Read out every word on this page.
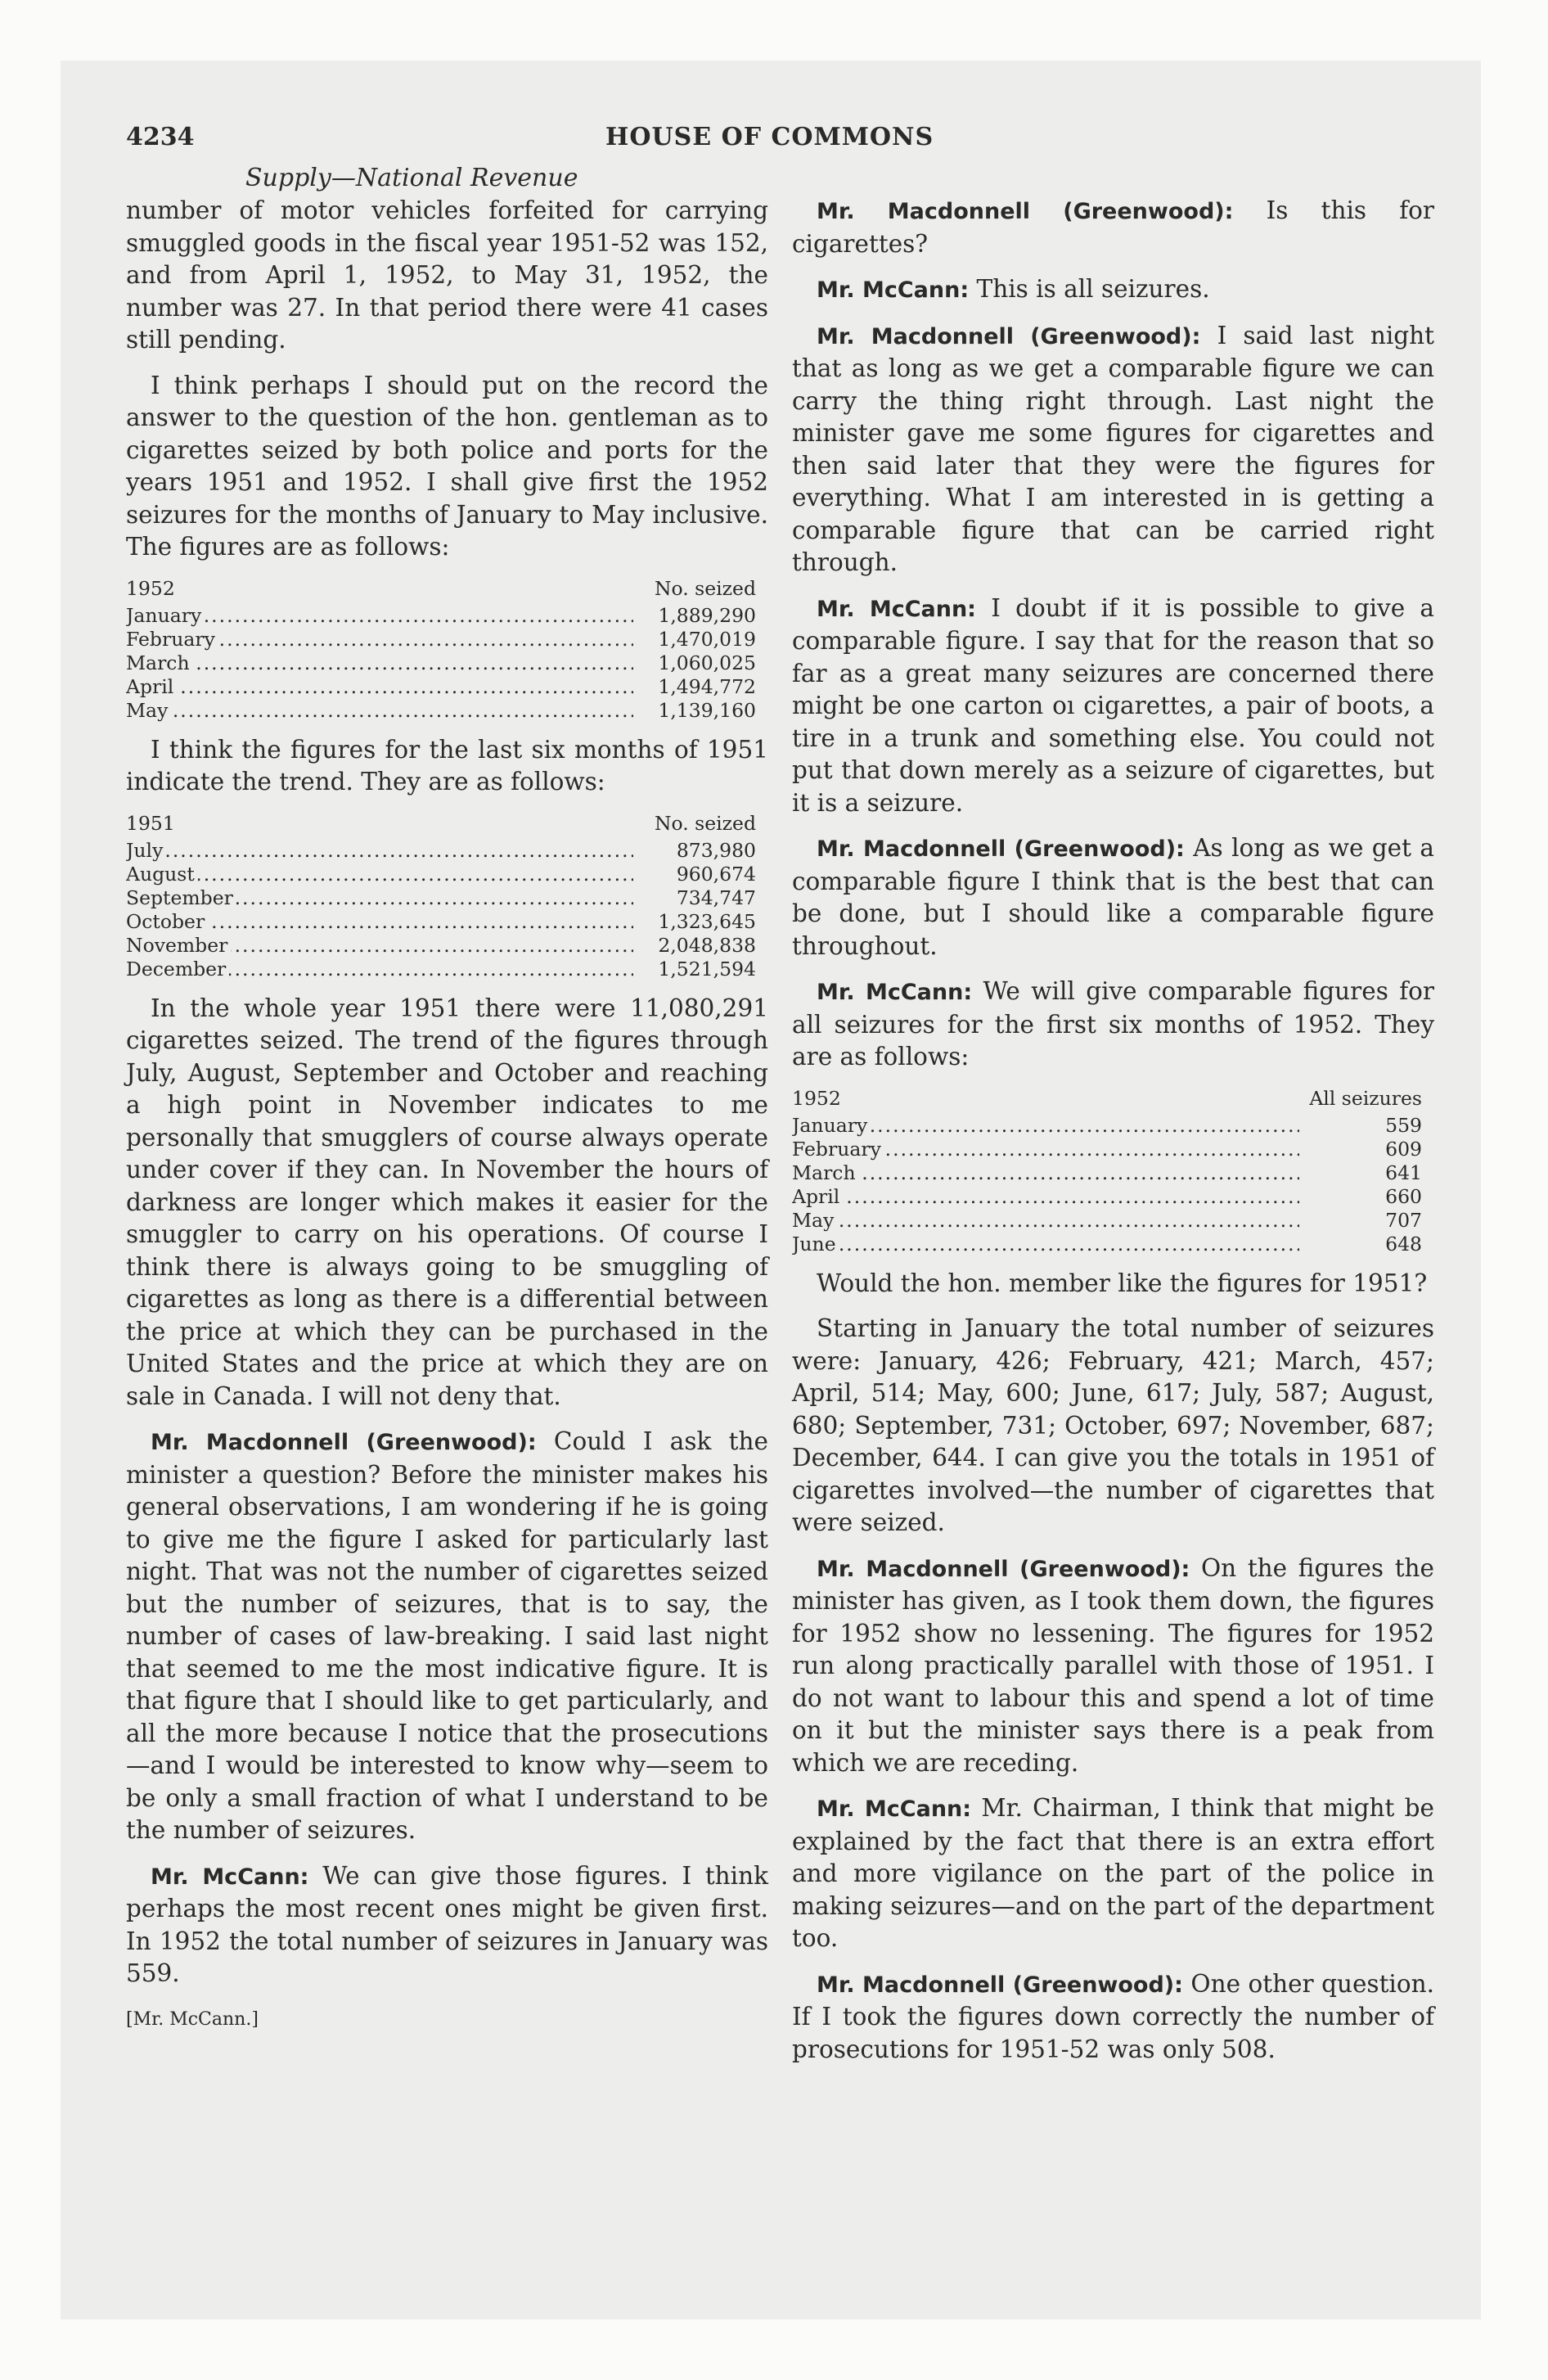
4234	HOUSE OF COMMONS
Supply—National Revenue

number of motor vehicles forfeited for carrying smuggled goods in the fiscal year 1951-52 was 152, and from April 1, 1952, to May 31, 1952, the number was 27. In that period there were 41 cases still pending.

I think perhaps I should put on the record the answer to the question of the hon. gentleman as to cigarettes seized by both police and ports for the years 1951 and 1952. I shall give first the 1952 seizures for the months of January to May inclusive. The figures are as follows:

1952	No. seized
January .....	1,889,290
February .....	1,470,019
March .....	1,060,025
April .....	1,494,772
May .....	1,139,160

I think the figures for the last six months of 1951 indicate the trend. They are as follows:

1951	No. seized
July .....	873,980
August .....	960,674
September .....	734,747
October .....	1,323,645
November .....	2,048,838
December .....	1,521,594

In the whole year 1951 there were 11,080,291 cigarettes seized. The trend of the figures through July, August, September and October and reaching a high point in November indicates to me personally that smugglers of course always operate under cover if they can. In November the hours of darkness are longer which makes it easier for the smuggler to carry on his operations. Of course I think there is always going to be smuggling of cigarettes as long as there is a differential between the price at which they can be purchased in the United States and the price at which they are on sale in Canada. I will not deny that.

Mr. Macdonnell (Greenwood): Could I ask the minister a question? Before the minister makes his general observations, I am wondering if he is going to give me the figure I asked for particularly last night. That was not the number of cigarettes seized but the number of seizures, that is to say, the number of cases of law-breaking. I said last night that seemed to me the most indicative figure. It is that figure that I should like to get particularly, and all the more because I notice that the prosecutions—and I would be interested to know why—seem to be only a small fraction of what I understand to be the number of seizures.

Mr. McCann: We can give those figures. I think perhaps the most recent ones might be given first. In 1952 the total number of seizures in January was 559.

[Mr. McCann.]

Mr. Macdonnell (Greenwood): Is this for cigarettes?

Mr. McCann: This is all seizures.

Mr. Macdonnell (Greenwood): I said last night that as long as we get a comparable figure we can carry the thing right through. Last night the minister gave me some figures for cigarettes and then said later that they were the figures for everything. What I am interested in is getting a comparable figure that can be carried right through.

Mr. McCann: I doubt if it is possible to give a comparable figure. I say that for the reason that so far as a great many seizures are concerned there might be one carton oı cigarettes, a pair of boots, a tire in a trunk and something else. You could not put that down merely as a seizure of cigarettes, but it is a seizure.

Mr. Macdonnell (Greenwood): As long as we get a comparable figure I think that is the best that can be done, but I should like a comparable figure throughout.

Mr. McCann: We will give comparable figures for all seizures for the first six months of 1952. They are as follows:

1952	All seizures
January .....	559
February .....	609
March .....	641
April .....	660
May .....	707
June .....	648

Would the hon. member like the figures for 1951?

Starting in January the total number of seizures were: January, 426; February, 421; March, 457; April, 514; May, 600; June, 617; July, 587; August, 680; September, 731; October, 697; November, 687; December, 644. I can give you the totals in 1951 of cigarettes involved—the number of cigarettes that were seized.

Mr. Macdonnell (Greenwood): On the figures the minister has given, as I took them down, the figures for 1952 show no lessening. The figures for 1952 run along practically parallel with those of 1951. I do not want to labour this and spend a lot of time on it but the minister says there is a peak from which we are receding.

Mr. McCann: Mr. Chairman, I think that might be explained by the fact that there is an extra effort and more vigilance on the part of the police in making seizures—and on the part of the department too.

Mr. Macdonnell (Greenwood): One other question. If I took the figures down correctly the number of prosecutions for 1951-52 was only 508.
